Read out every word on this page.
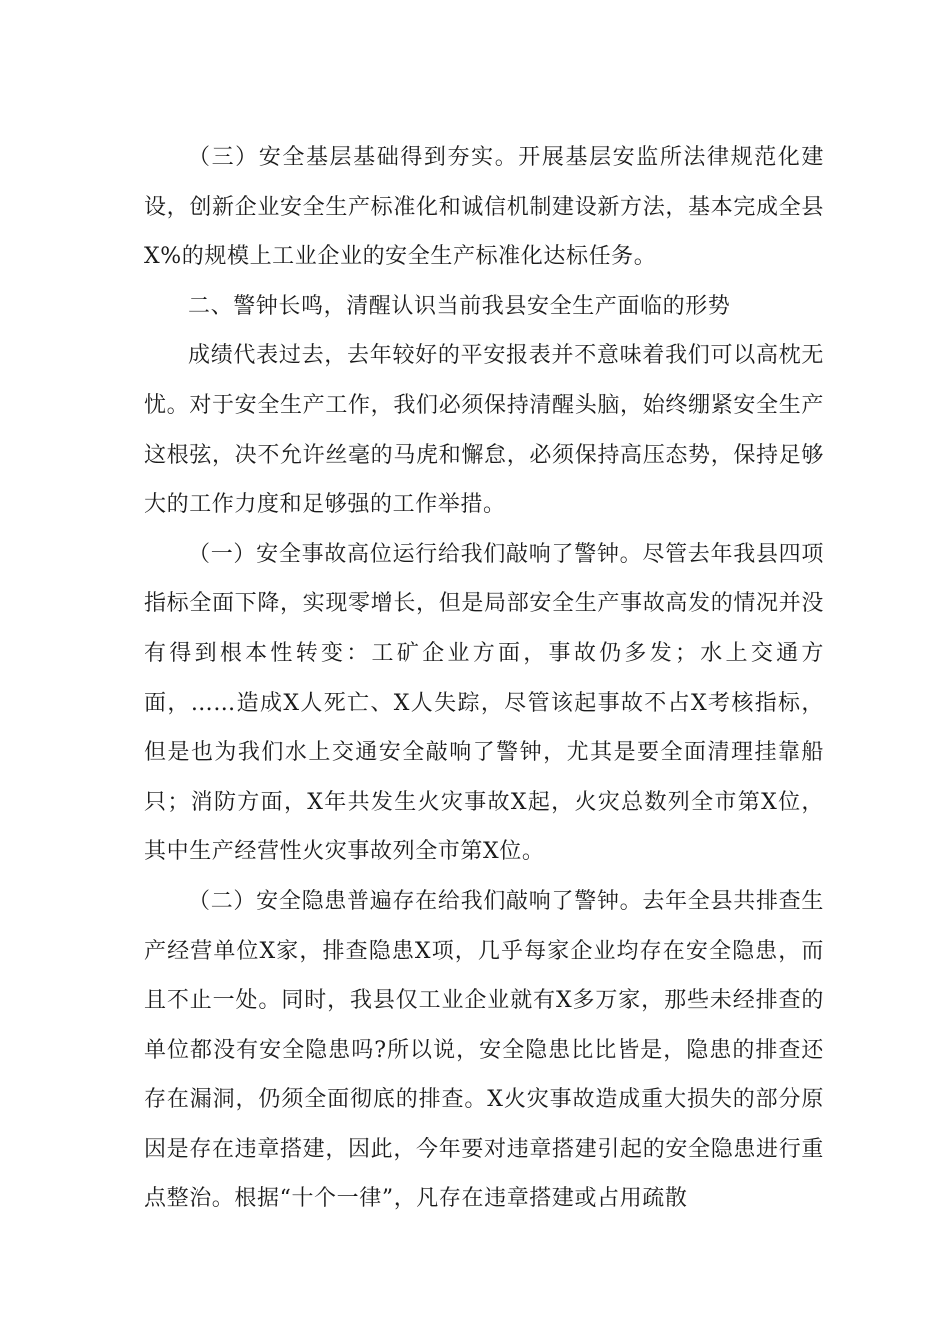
（三）安全基层基础得到夯实。开展基层安监所法律规范化建设，创新企业安全生产标准化和诚信机制建设新方法，基本完成全县X%的规模上工业企业的安全生产标准化达标任务。

二、警钟长鸣，清醒认识当前我县安全生产面临的形势

成绩代表过去，去年较好的平安报表并不意味着我们可以高枕无忧。对于安全生产工作，我们必须保持清醒头脑，始终绷紧安全生产这根弦，决不允许丝毫的马虎和懈怠，必须保持高压态势，保持足够大的工作力度和足够强的工作举措。

（一）安全事故高位运行给我们敲响了警钟。尽管去年我县四项指标全面下降，实现零增长，但是局部安全生产事故高发的情况并没有得到根本性转变：工矿企业方面，事故仍多发；水上交通方面，……造成X人死亡、X人失踪，尽管该起事故不占X考核指标，但是也为我们水上交通安全敲响了警钟，尤其是要全面清理挂靠船只；消防方面，X年共发生火灾事故X起，火灾总数列全市第X位，其中生产经营性火灾事故列全市第X位。

（二）安全隐患普遍存在给我们敲响了警钟。去年全县共排查生产经营单位X家，排查隐患X项，几乎每家企业均存在安全隐患，而且不止一处。同时，我县仅工业企业就有X多万家，那些未经排查的单位都没有安全隐患吗?所以说，安全隐患比比皆是，隐患的排查还存在漏洞，仍须全面彻底的排查。X火灾事故造成重大损失的部分原因是存在违章搭建，因此，今年要对违章搭建引起的安全隐患进行重点整治。根据“十个一律”，凡存在违章搭建或占用疏散
